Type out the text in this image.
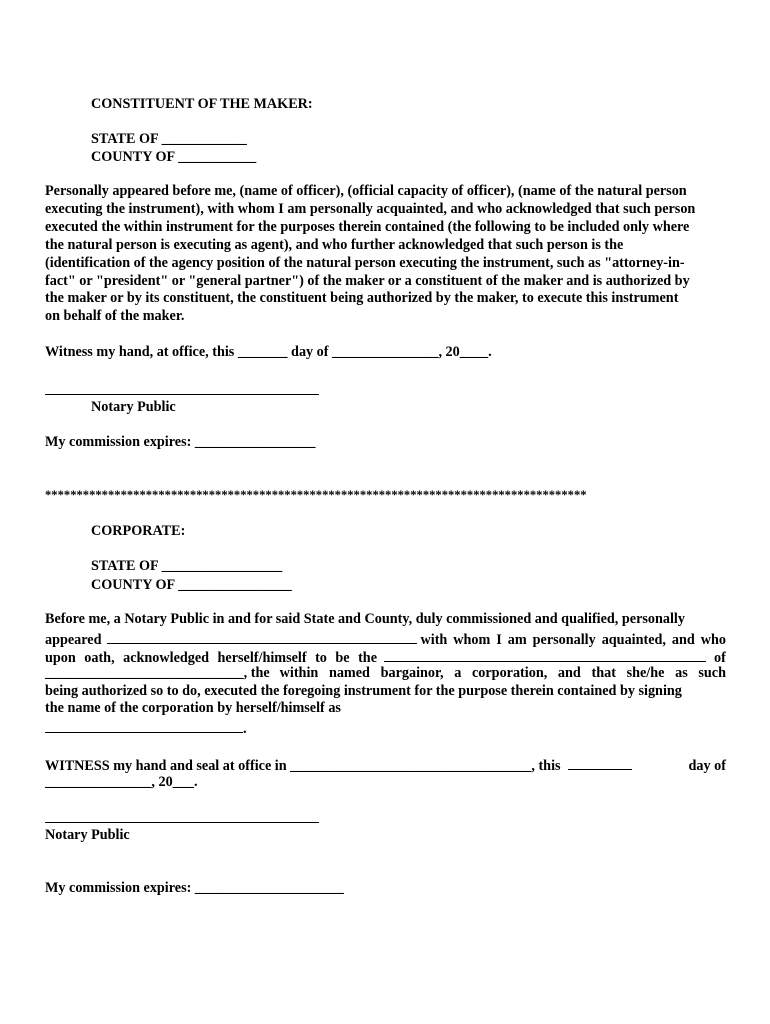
CONSTITUENT OF THE MAKER:
STATE OF ____________
COUNTY OF ___________

Personally appeared before me, (name of officer), (official capacity of officer), (name of the natural person

executing the instrument), with whom I am personally acquainted, and who acknowledged that such person

executed the within instrument for the purposes therein contained (the following to be included only where

the natural person is executing as agent), and who further acknowledged that such person is the

(identification of the agency position of the natural person executing the instrument, such as "attorney-in-

fact" or "president" or "general partner") of the maker or a constituent of the maker and is authorized by

the maker or by its constituent, the constituent being authorized by the maker, to execute this instrument

on behalf of the maker.

Witness my hand, at office, this _______ day of _______________, 20____.
Notary Public
My commission expires: _________________
**************************************************************************************
CORPORATE:
STATE OF _________________
COUNTY OF ________________

Before me, a Notary Public in and for said State and County, duly commissioned and qualified, personally

appeared	with whom I am personally aquainted, and who
upon oath, acknowledged herself/himself to be the	of
____________________________, the within named bargainor, a corporation, and that she/he as such

being authorized so to do, executed the foregoing instrument for the purpose therein contained by signing

the name of the corporation by herself/himself as

.
WITNESS my hand and seal at office in __________________________________, this	day of
_______________, 20___.
Notary Public
My commission expires: _____________________
